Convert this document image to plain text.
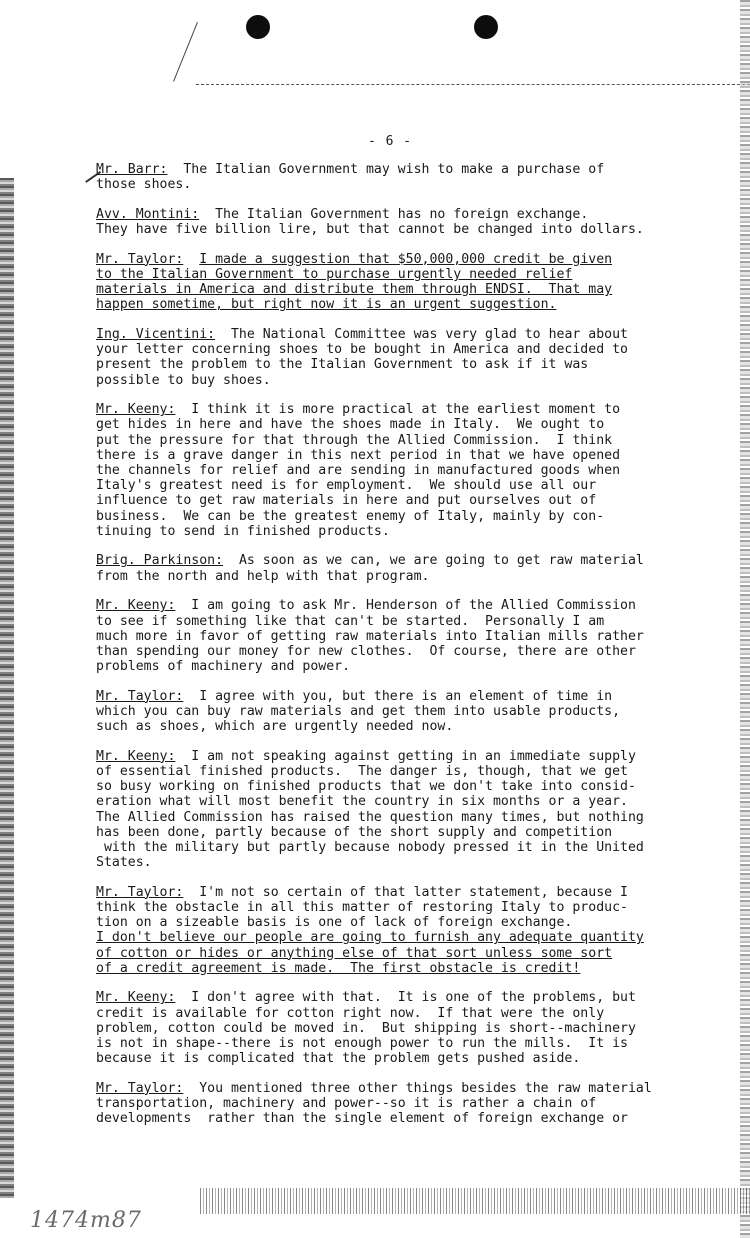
- 6 -
Mr. Barr: The Italian Government may wish to make a purchase of
those shoes.
Avv. Montini: The Italian Government has no foreign exchange.
They have five billion lire, but that cannot be changed into dollars.
Mr. Taylor: I made a suggestion that $50,000,000 credit be given
to the Italian Government to purchase urgently needed relief
materials in America and distribute them through ENDSI.  That may
happen sometime, but right now it is an urgent suggestion.
Ing. Vicentini: The National Committee was very glad to hear about
your letter concerning shoes to be bought in America and decided to
present the problem to the Italian Government to ask if it was
possible to buy shoes.
Mr. Keeny: I think it is more practical at the earliest moment to
get hides in here and have the shoes made in Italy.  We ought to
put the pressure for that through the Allied Commission.  I think
there is a grave danger in this next period in that we have opened
the channels for relief and are sending in manufactured goods when
Italy's greatest need is for employment.  We should use all our
influence to get raw materials in here and put ourselves out of
business.  We can be the greatest enemy of Italy, mainly by con-
tinuing to send in finished products.
Brig. Parkinson: As soon as we can, we are going to get raw material
from the north and help with that program.
Mr. Keeny: I am going to ask Mr. Henderson of the Allied Commission
to see if something like that can't be started.  Personally I am
much more in favor of getting raw materials into Italian mills rather
than spending our money for new clothes.  Of course, there are other
problems of machinery and power.
Mr. Taylor: I agree with you, but there is an element of time in
which you can buy raw materials and get them into usable products,
such as shoes, which are urgently needed now.
Mr. Keeny: I am not speaking against getting in an immediate supply
of essential finished products.  The danger is, though, that we get
so busy working on finished products that we don't take into consid-
eration what will most benefit the country in six months or a year.
The Allied Commission has raised the question many times, but nothing
has been done, partly because of the short supply and competition
with the military but partly because nobody pressed it in the United
States.
Mr. Taylor: I'm not so certain of that latter statement, because I
think the obstacle in all this matter of restoring Italy to produc-
tion on a sizeable basis is one of lack of foreign exchange.
I don't believe our people are going to furnish any adequate quantity
of cotton or hides or anything else of that sort unless some sort
of a credit agreement is made.  The first obstacle is credit!
Mr. Keeny: I don't agree with that.  It is one of the problems, but
credit is available for cotton right now.  If that were the only
problem, cotton could be moved in.  But shipping is short--machinery
is not in shape--there is not enough power to run the mills.  It is
because it is complicated that the problem gets pushed aside.
Mr. Taylor: You mentioned three other things besides the raw material
transportation, machinery and power--so it is rather a chain of
developments  rather than the single element of foreign exchange or
1474m87
